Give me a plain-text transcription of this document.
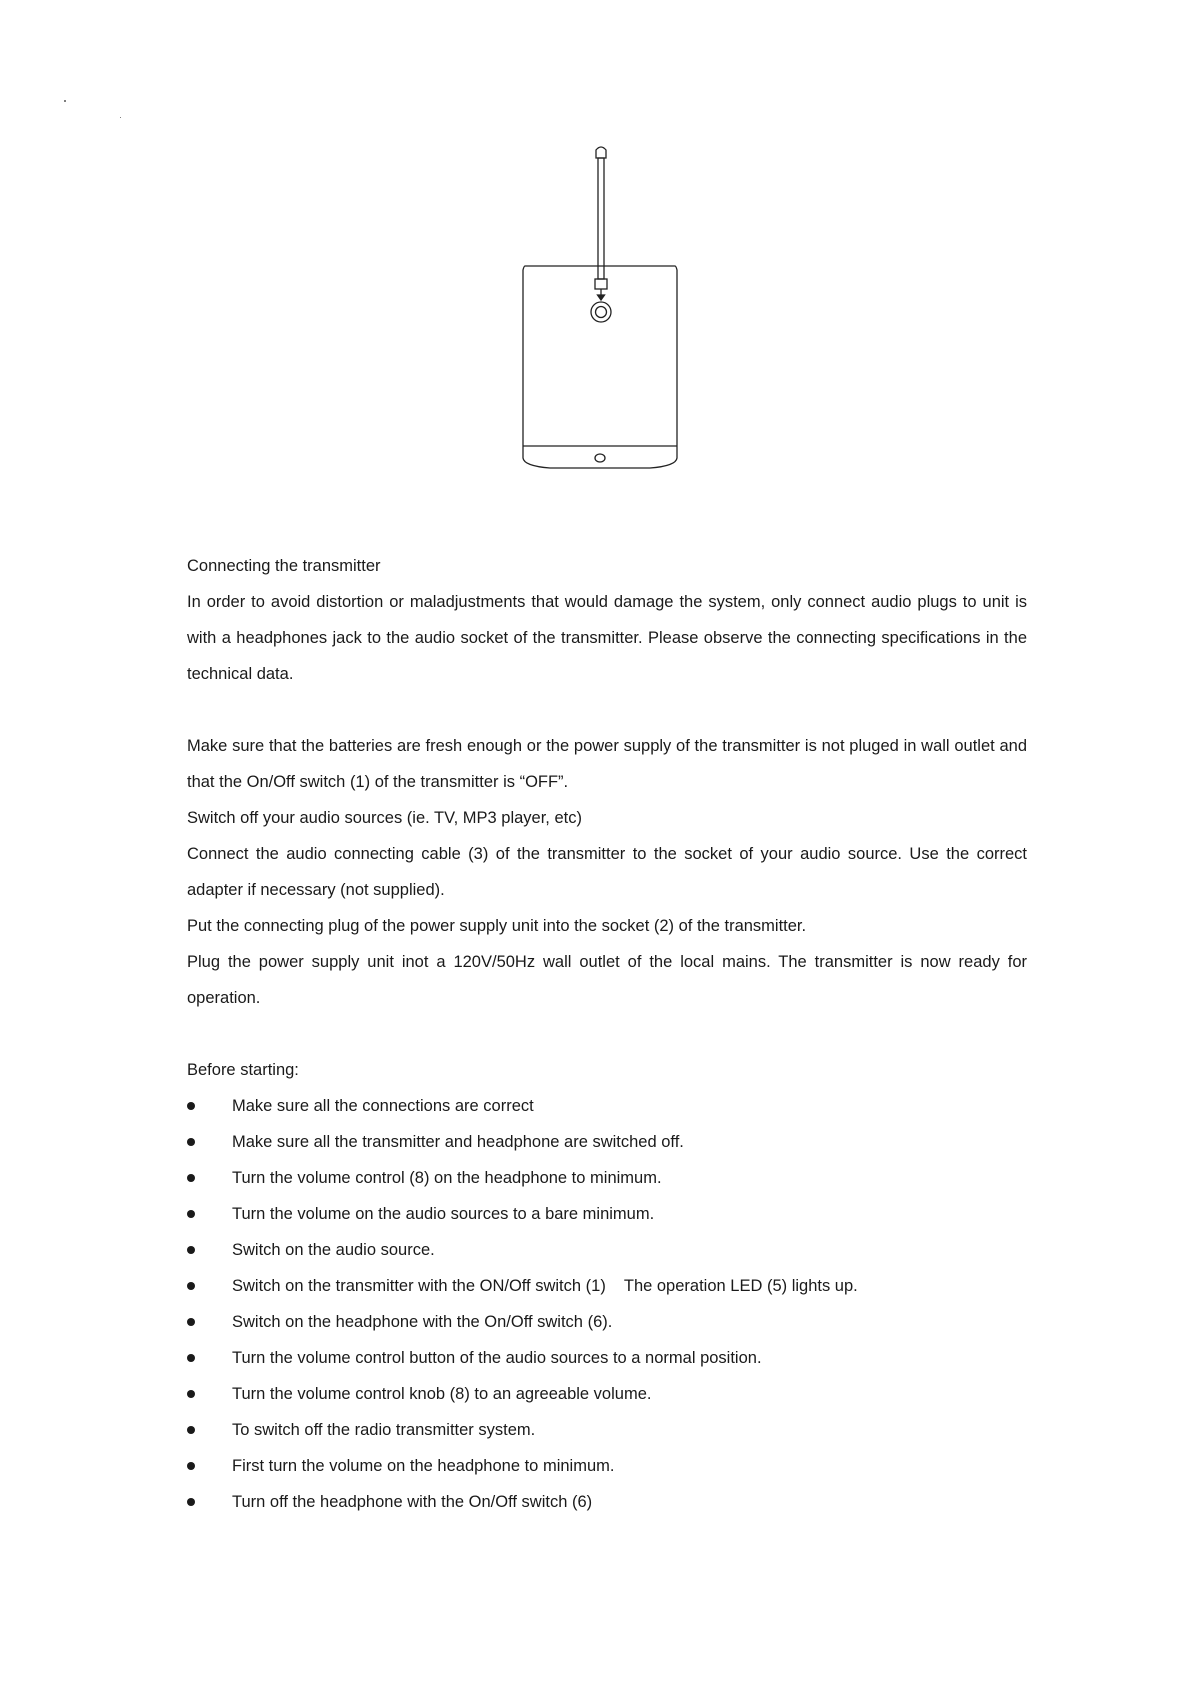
Connecting the transmitter

In order to avoid distortion or maladjustments that would damage the system, only connect audio plugs to unit is with a headphones jack to the audio socket of the transmitter. Please observe the connecting specifications in the technical data.

Make sure that the batteries are fresh enough or the power supply of the transmitter is not pluged in wall outlet and that the On/Off switch (1) of the transmitter is “OFF”.

Switch off your audio sources (ie. TV, MP3 player, etc)

Connect the audio connecting cable (3) of the transmitter to the socket of your audio source. Use the correct adapter if necessary (not supplied).

Put the connecting plug of the power supply unit into the socket (2) of the transmitter.

Plug the power supply unit inot a 120V/50Hz wall outlet of the local mains. The transmitter is now ready for operation.

Before starting:

Make sure all the connections are correct
Make sure all the transmitter and headphone are switched off.
Turn the volume control (8) on the headphone to minimum.
Turn the volume on the audio sources to a bare minimum.
Switch on the audio source.
Switch on the transmitter with the ON/Off switch (1)    The operation LED (5) lights up.
Switch on the headphone with the On/Off switch (6).
Turn the volume control button of the audio sources to a normal position.
Turn the volume control knob (8) to an agreeable volume.
To switch off the radio transmitter system.
First turn the volume on the headphone to minimum.
Turn off the headphone with the On/Off switch (6)
